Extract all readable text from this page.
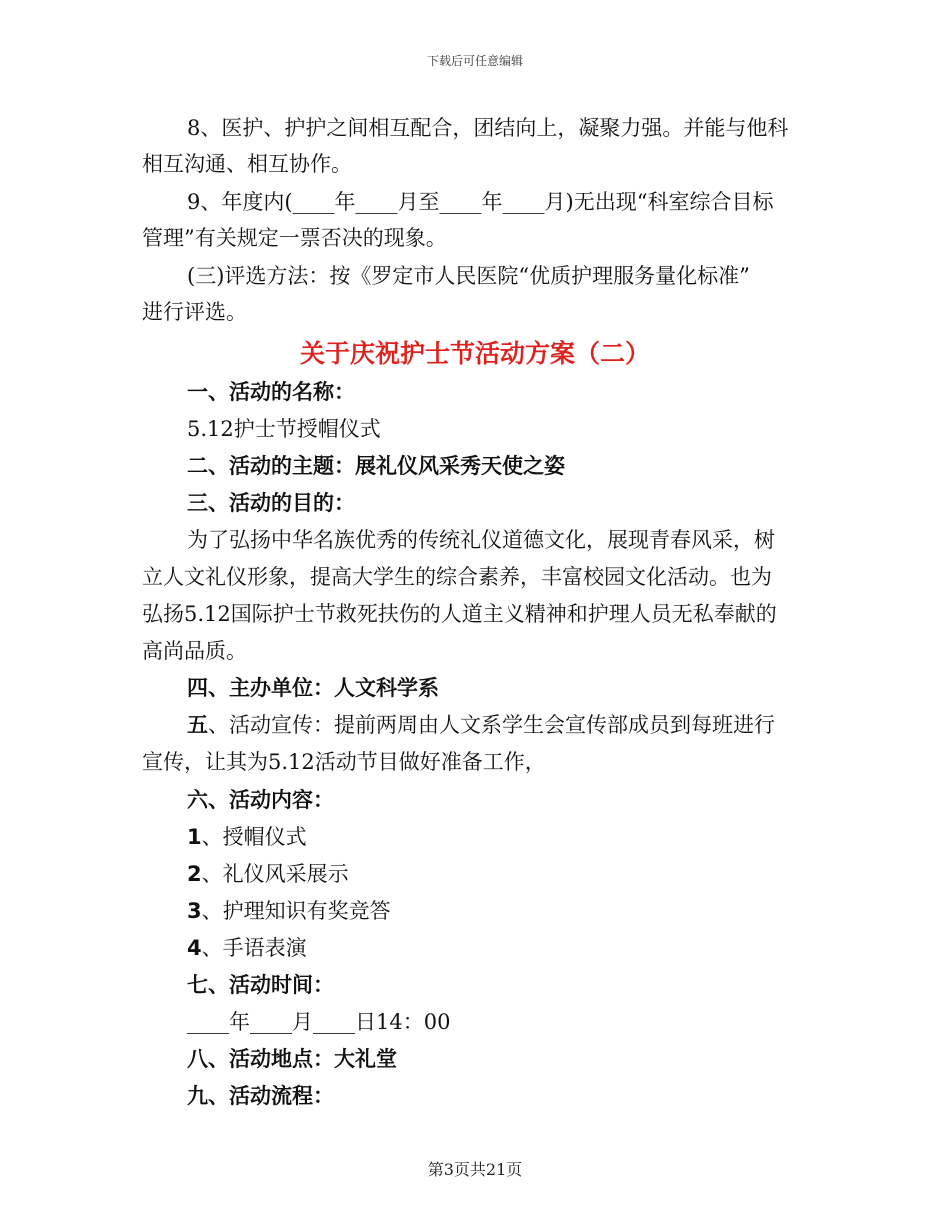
下载后可任意编辑
8、医护、护护之间相互配合，团结向上，凝聚力强。并能与他科
相互沟通、相互协作。
9、年度内(____年____月至____年____月)无出现“科室综合目标
管理”有关规定一票否决的现象。
(三)评选方法：按《罗定市人民医院“优质护理服务量化标准”
进行评选。
关于庆祝护士节活动方案（二）
一、活动的名称：
5.12护士节授帽仪式
二、活动的主题：展礼仪风采秀天使之姿
三、活动的目的：
为了弘扬中华名族优秀的传统礼仪道德文化，展现青春风采，树
立人文礼仪形象，提高大学生的综合素养，丰富校园文化活动。也为
弘扬5.12国际护士节救死扶伤的人道主义精神和护理人员无私奉献的
高尚品质。
四、主办单位：人文科学系
五、活动宣传：提前两周由人文系学生会宣传部成员到每班进行
宣传，让其为5.12活动节目做好准备工作，
六、活动内容：
1、授帽仪式
2、礼仪风采展示
3、护理知识有奖竞答
4、手语表演
七、活动时间：
____年____月____日14：00
八、活动地点：大礼堂
九、活动流程：
第3页共21页
